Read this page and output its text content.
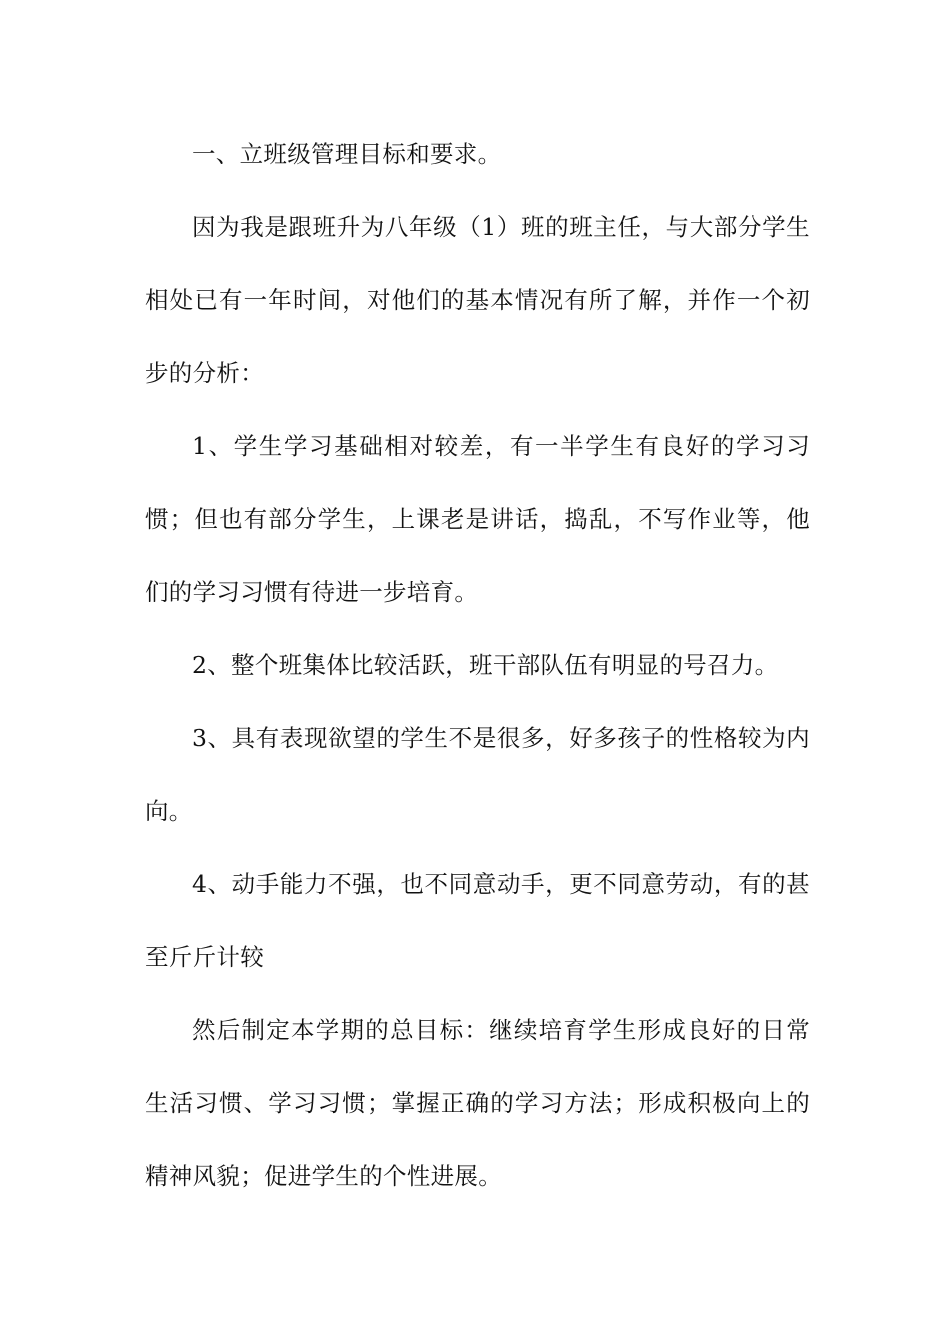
一、立班级管理目标和要求。

因为我是跟班升为八年级（1）班的班主任，与大部分学生相处已有一年时间，对他们的基本情况有所了解，并作一个初步的分析：

1、学生学习基础相对较差，有一半学生有良好的学习习惯；但也有部分学生，上课老是讲话，捣乱，不写作业等，他们的学习习惯有待进一步培育。

2、整个班集体比较活跃，班干部队伍有明显的号召力。

3、具有表现欲望的学生不是很多，好多孩子的性格较为内向。

4、动手能力不强，也不同意动手，更不同意劳动，有的甚至斤斤计较

然后制定本学期的总目标：继续培育学生形成良好的日常生活习惯、学习习惯；掌握正确的学习方法；形成积极向上的精神风貌；促进学生的个性进展。
